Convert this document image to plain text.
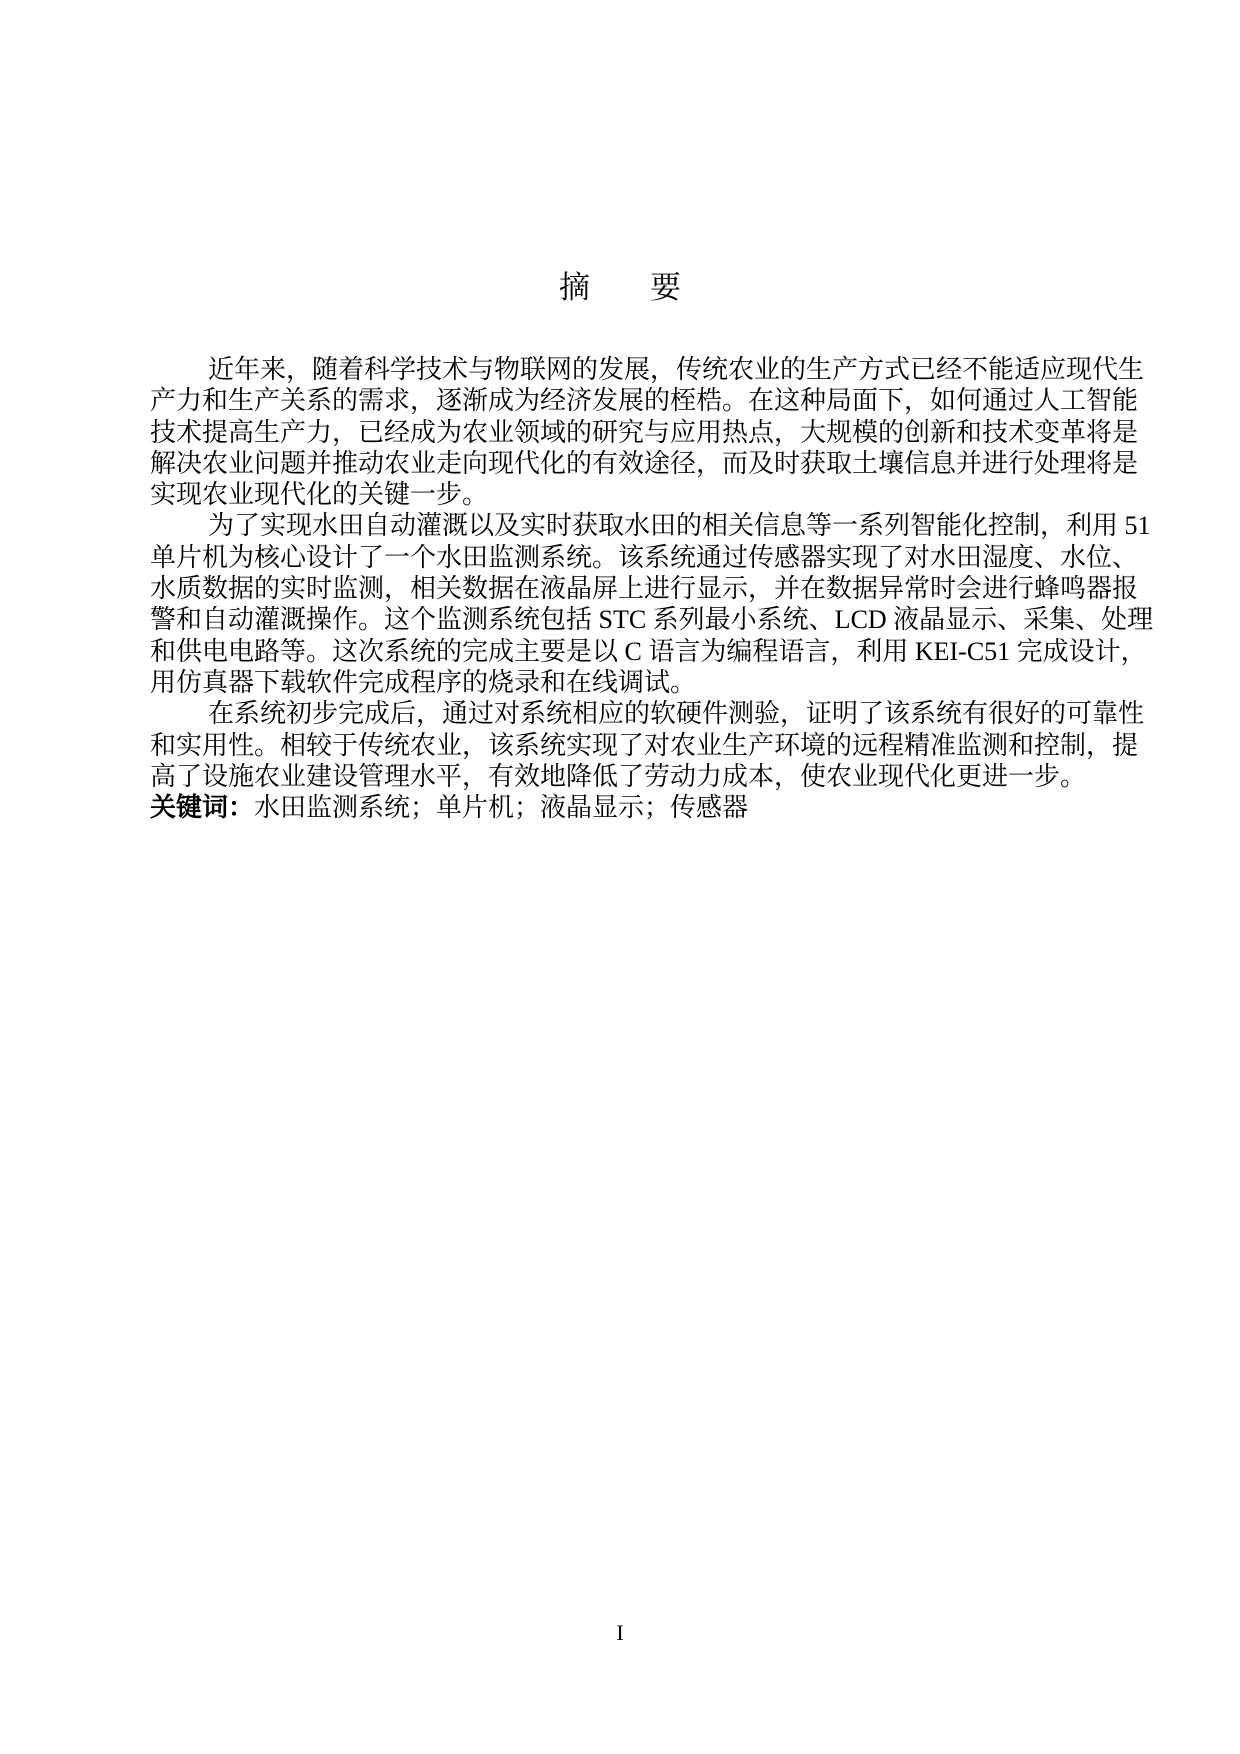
摘要
近年来，随着科学技术与物联网的发展，传统农业的生产方式已经不能适应现代生
产力和生产关系的需求，逐渐成为经济发展的桎梏。在这种局面下，如何通过人工智能
技术提高生产力，已经成为农业领域的研究与应用热点，大规模的创新和技术变革将是
解决农业问题并推动农业走向现代化的有效途径，而及时获取土壤信息并进行处理将是
实现农业现代化的关键一步。
为了实现水田自动灌溉以及实时获取水田的相关信息等一系列智能化控制，利用 51
单片机为核心设计了一个水田监测系统。该系统通过传感器实现了对水田湿度、水位、
水质数据的实时监测，相关数据在液晶屏上进行显示，并在数据异常时会进行蜂鸣器报
警和自动灌溉操作。这个监测系统包括 STC 系列最小系统、LCD 液晶显示、采集、处理
和供电电路等。这次系统的完成主要是以 C 语言为编程语言，利用 KEI-C51 完成设计，
用仿真器下载软件完成程序的烧录和在线调试。
在系统初步完成后，通过对系统相应的软硬件测验，证明了该系统有很好的可靠性
和实用性。相较于传统农业，该系统实现了对农业生产环境的远程精准监测和控制，提
高了设施农业建设管理水平，有效地降低了劳动力成本，使农业现代化更进一步。
关键词：水田监测系统；单片机；液晶显示；传感器
I
